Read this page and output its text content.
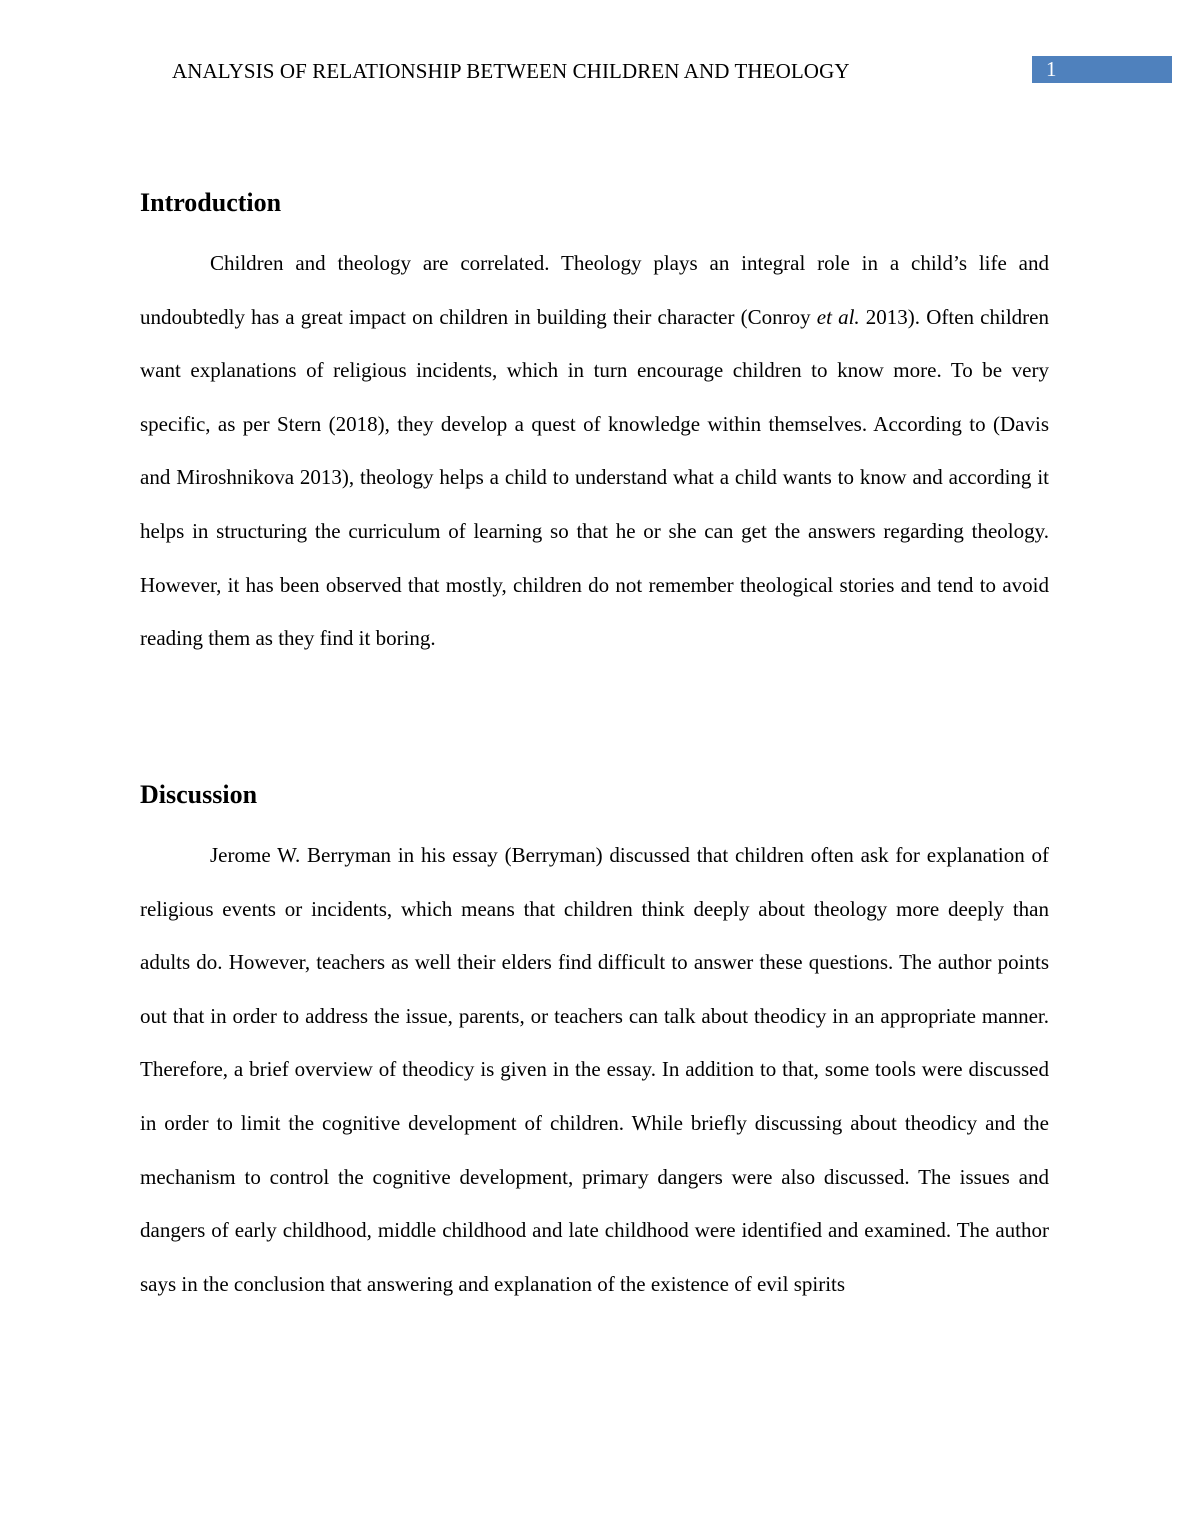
ANALYSIS OF RELATIONSHIP BETWEEN CHILDREN AND THEOLOGY	1
Introduction

Children and theology are correlated. Theology plays an integral role in a child’s life and undoubtedly has a great impact on children in building their character (Conroy et al. 2013). Often children want explanations of religious incidents, which in turn encourage children to know more. To be very specific, as per Stern (2018), they develop a quest of knowledge within themselves. According to (Davis and Miroshnikova 2013), theology helps a child to understand what a child wants to know and according it helps in structuring the curriculum of learning so that he or she can get the answers regarding theology. However, it has been observed that mostly, children do not remember theological stories and tend to avoid reading them as they find it boring.

Discussion

Jerome W. Berryman in his essay (Berryman) discussed that children often ask for explanation of religious events or incidents, which means that children think deeply about theology more deeply than adults do. However, teachers as well their elders find difficult to answer these questions. The author points out that in order to address the issue, parents, or teachers can talk about theodicy in an appropriate manner. Therefore, a brief overview of theodicy is given in the essay. In addition to that, some tools were discussed in order to limit the cognitive development of children. While briefly discussing about theodicy and the mechanism to control the cognitive development, primary dangers were also discussed. The issues and dangers of early childhood, middle childhood and late childhood were identified and examined. The author says in the conclusion that answering and explanation of the existence of evil spirits
